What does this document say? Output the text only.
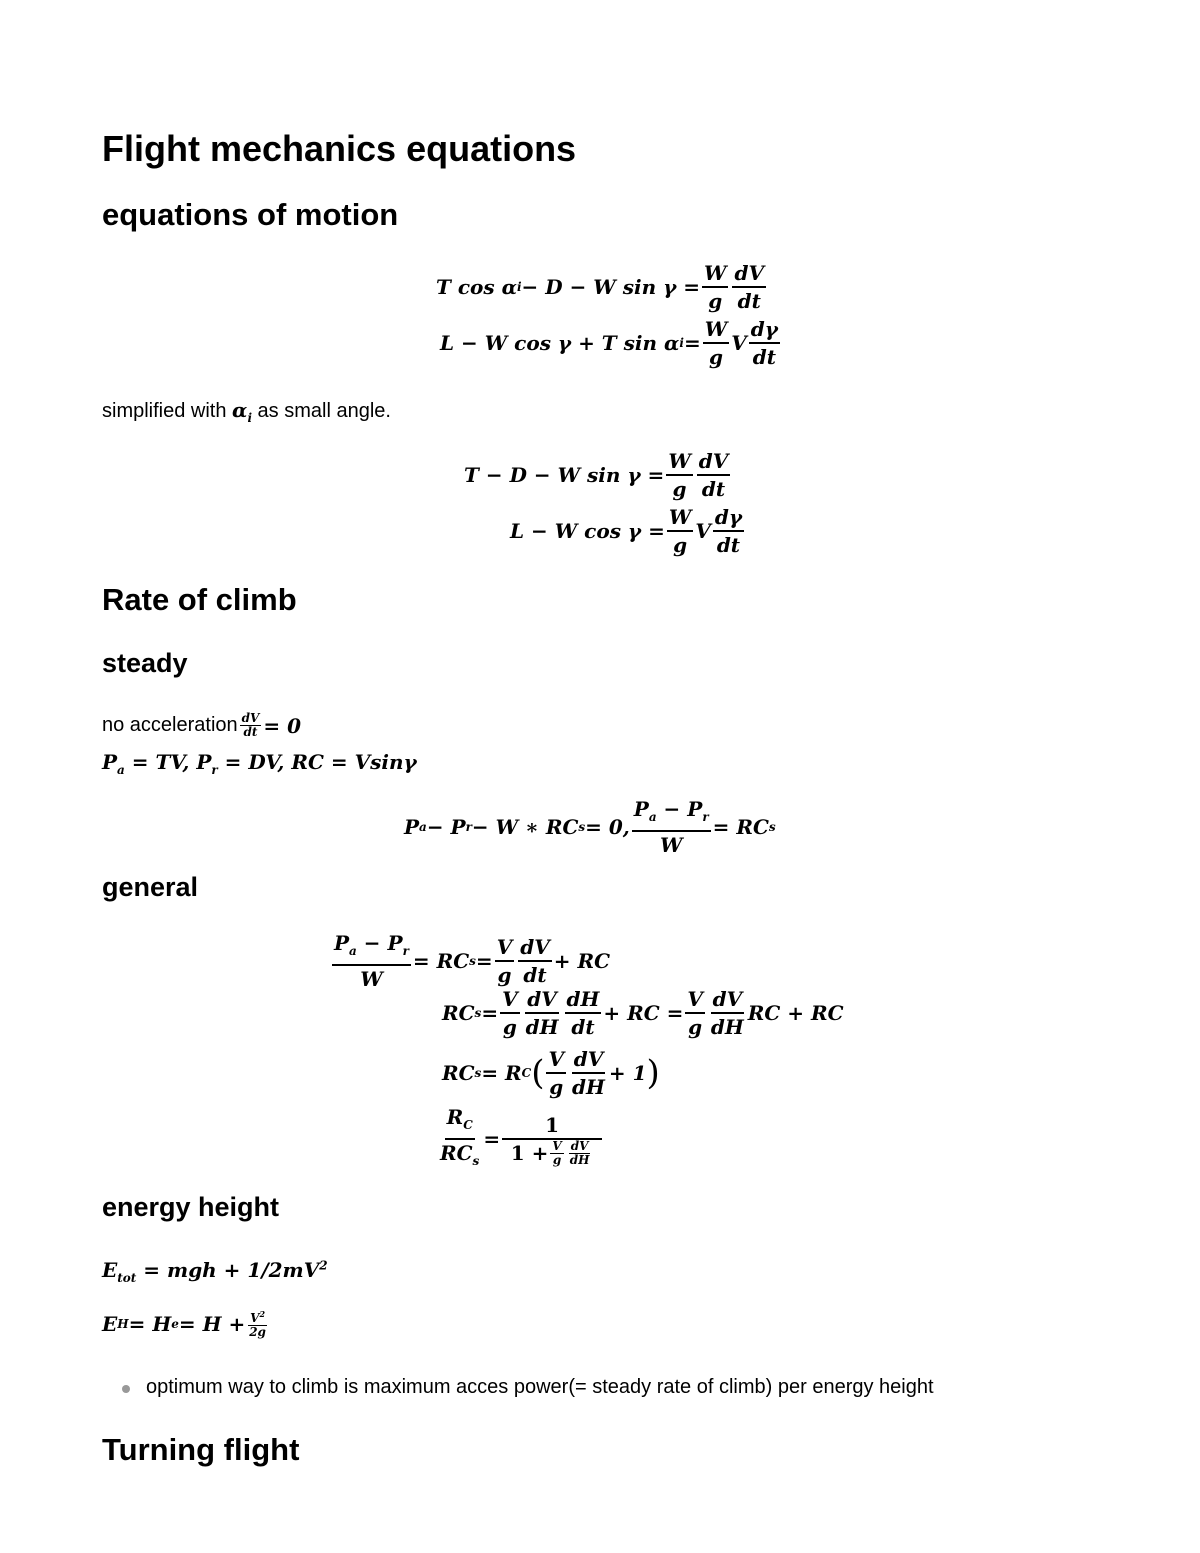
Flight mechanics equations
equations of motion
T cos α i − D − W $\sin \gamma = \frac{W}{g} \frac{dV}{dt}$
L − W cos γ + T sin α $i = \frac{W}{g}$ V $\frac{d\gamma}{dt}$
simplified with $\alpha_i$ as small angle.
T − D − W $\sin \gamma = \frac{W}{g} \frac{dV}{dt}$
L − W $\cos \gamma = \frac{W}{g}$ V $\frac{d\gamma}{dt}$
Rate of climb
steady
no acceleration $\frac{dV}{dt} = 0$
$P_a$ = TV, $P_r$ = DV, RC = Vsinγ
P a − P r − W ∗ RC s = 0, $\frac{P_a - P_r}{W}$ = RC s
general
$\frac{P_a - P_r}{W}$ = RC $s = \frac{V}{g} \frac{dV}{dt}$ + RC
RC $s = \frac{V}{g} \frac{dV}{dH} \frac{dH}{dt}$ + RC = $\frac{V}{g} \frac{dV}{dH}$ RC + RC
RC s = R C ( $\frac{V}{g} \frac{dV}{dH} + 1$ )
$\frac{R_C}{RC_s} = \frac{1}{1 + \frac{V}{g} \frac{dV}{dH}}$
energy height
$E_{tot}$ = mgh + $1/2mV^2$
E H = H $e = H + \frac{V^2}{2g}$
optimum way to climb is maximum acces power(= steady rate of climb) per energy height
Turning flight
